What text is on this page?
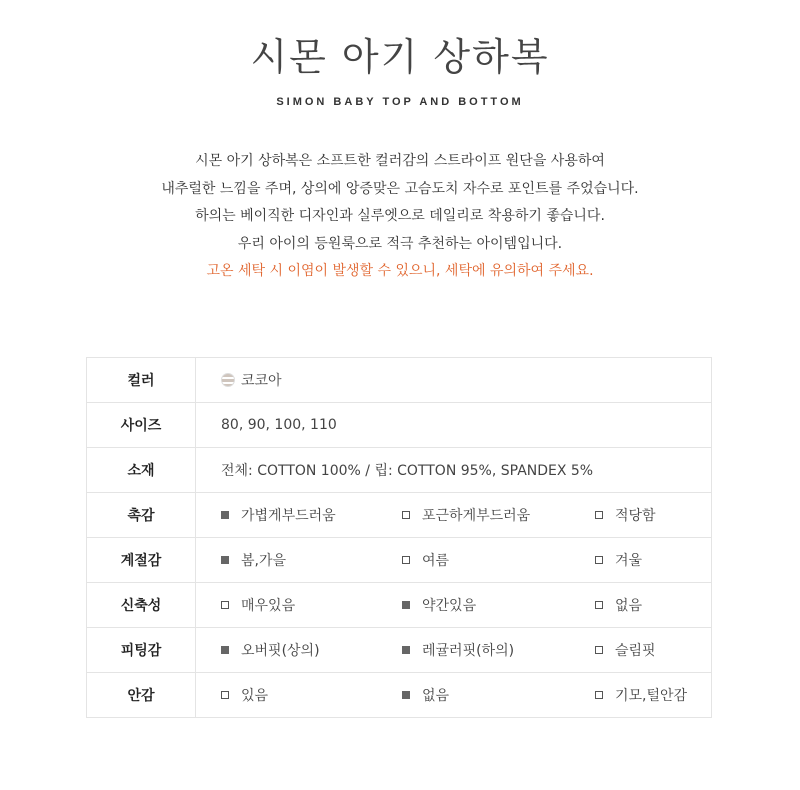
시몬 아기 상하복
SIMON BABY TOP AND BOTTOM
시몬 아기 상하복은 소프트한 컬러감의 스트라이프 원단을 사용하여
내추럴한 느낌을 주며, 상의에 앙증맞은 고슴도치 자수로 포인트를 주었습니다.
하의는 베이직한 디자인과 실루엣으로 데일리로 착용하기 좋습니다.
우리 아이의 등원룩으로 적극 추천하는 아이템입니다.
고온 세탁 시 이염이 발생할 수 있으니, 세탁에 유의하여 주세요.
컬러	코코아

사이즈	80, 90, 100, 110
소재	전체: COTTON 100% / 립: COTTON 95%, SPANDEX 5%
촉감	가볍게부드러움 포근하게부드러움 적당함

계절감	봄,가을 여름 겨울

신축성	매우있음 약간있음 없음

피팅감	오버핏(상의) 레귤러핏(하의) 슬림핏

안감	있음 없음 기모,털안감
